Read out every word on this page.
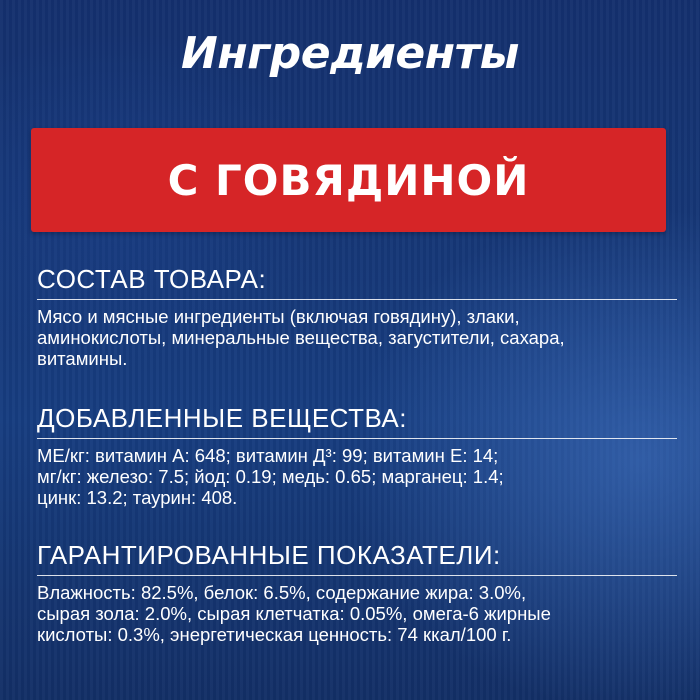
Ингредиенты
С ГОВЯДИНОЙ
СОСТАВ ТОВАРА:

Мясо и мясные ингредиенты (включая говядину), злаки,
аминокислоты, минеральные вещества, загустители, сахара,
витамины.

ДОБАВЛЕННЫЕ ВЕЩЕСТВА:

МЕ/кг: витамин А: 648; витамин Д³: 99; витамин Е: 14;
мг/кг: железо: 7.5; йод: 0.19; медь: 0.65; марганец: 1.4;
цинк: 13.2; таурин: 408.

ГАРАНТИРОВАННЫЕ ПОКАЗАТЕЛИ:

Влажность: 82.5%, белок: 6.5%, содержание жира: 3.0%,
сырая зола: 2.0%, сырая клетчатка: 0.05%, омега-6 жирные
кислоты: 0.3%, энергетическая ценность: 74 ккал/100 г.
